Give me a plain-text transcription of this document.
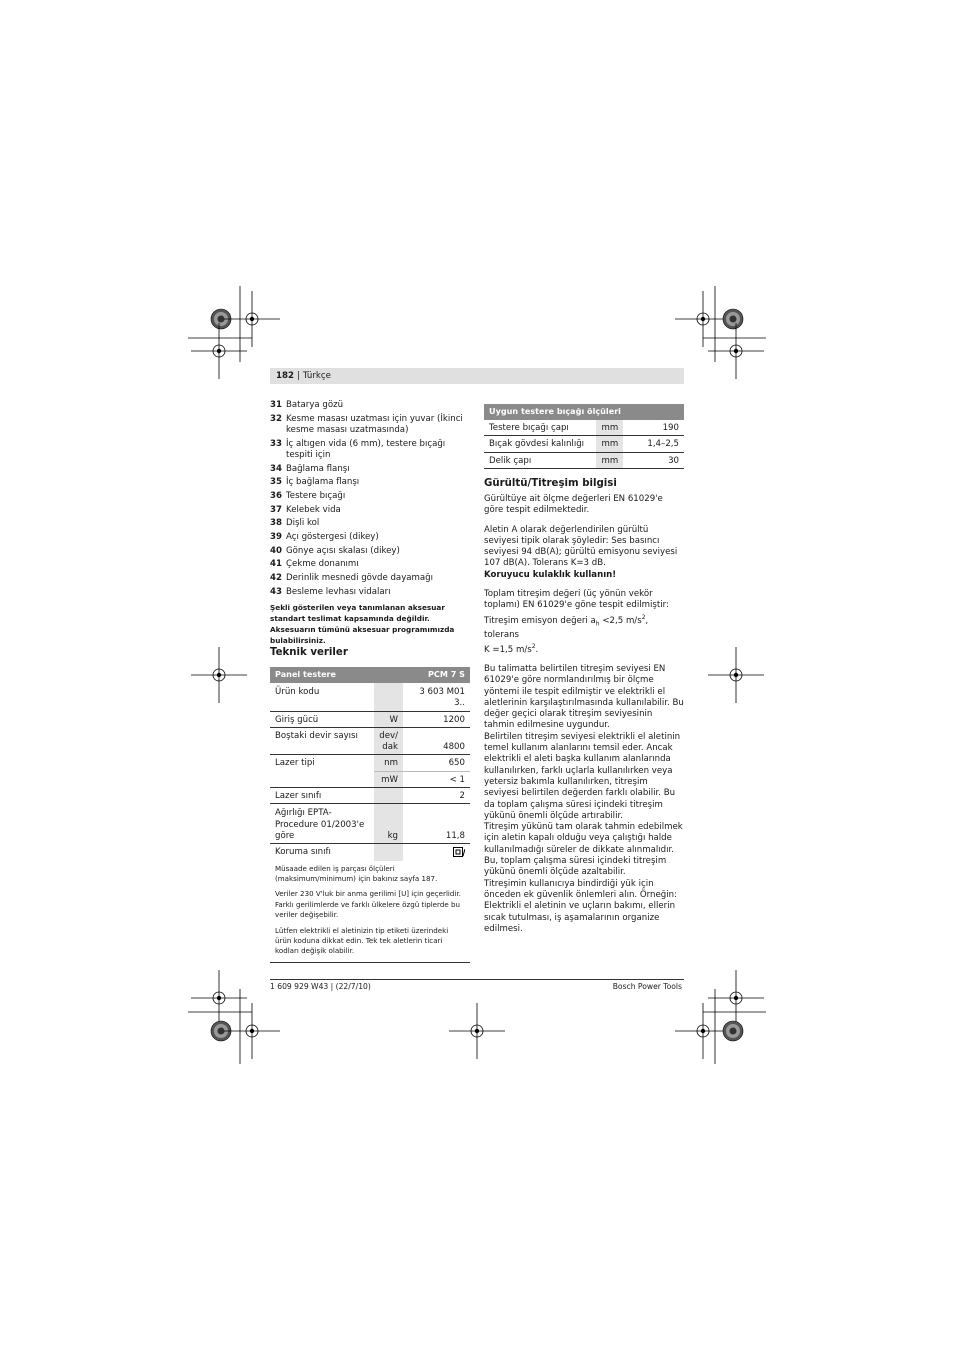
182 | Türkçe
31 Batarya gözü
32 Kesme masası uzatması için yuvar (İkinci kesme masası uzatmasında)
33 İç altıgen vida (6 mm), testere bıçağı tespiti için
34 Bağlama flanşı
35 İç bağlama flanşı
36 Testere bıçağı
37 Kelebek vida
38 Dişli kol
39 Açı göstergesi (dikey)
40 Gönye açısı skalası (dikey)
41 Çekme donanımı
42 Derinlik mesnedi gövde dayamağı
43 Besleme levhası vidaları
Şekli gösterilen veya tanımlanan aksesuar standart teslimat kapsamında değildir. Aksesuarın tümünü aksesuar programımızda bulabilirsiniz.
Teknik veriler
Panel testere		PCM 7 S
Ürün kodu		3 603 M01 3..
Giriş gücü	W	1200
Boştaki devir sayısı	dev/ dak	4800
Lazer tipi	nm	650
	mW	< 1
Lazer sınıfı		2
Ağırlığı EPTA-Procedure 01/2003'e göre	kg	11,8
Koruma sınıfı		

Müsaade edilen iş parçası ölçüleri (maksimum/minimum) için bakınız sayfa 187.

Veriler 230 V'luk bir anma gerilimi [U] için geçerlidir. Farklı gerilimlerde ve farklı ülkelere özgü tiplerde bu veriler değişebilir.

Lütfen elektrikli el aletinizin tip etiketi üzerindeki ürün koduna dikkat edin. Tek tek aletlerin ticari kodları değişik olabilir.

Uygun testere bıçağı ölçüleri		
Testere bıçağı çapı	mm	190
Bıçak gövdesi kalınlığı	mm	1,4–2,5
Delik çapı	mm	30
Gürültü/Titreşim bilgisi

Gürültüye ait ölçme değerleri EN 61029'e göre tespit edilmektedir.

Aletin A olarak değerlendirilen gürültü seviyesi tipik olarak şöyledir: Ses basıncı seviyesi 94 dB(A); gürültü emisyonu seviyesi 107 dB(A). Tolerans K=3 dB.

Koruyucu kulaklık kullanın!

Toplam titreşim değeri (üç yönün vekör toplamı) EN 61029'e göne tespit edilmiştir:

Titreşim emisyon değeri $a_h <2,5$ $m/s^2$, tolerans

K =1,5 $m/s^2$.

Bu talimatta belirtilen titreşim seviyesi EN 61029'e göre normlandırılmış bir ölçme yöntemi ile tespit edilmiştir ve elektrikli el aletlerinin karşılaştırılmasında kullanılabilir. Bu değer geçici olarak titreşim seviyesinin tahmin edilmesine uygundur.

Belirtilen titreşim seviyesi elektrikli el aletinin temel kullanım alanlarını temsil eder. Ancak elektrikli el aleti başka kullanım alanlarında kullanılırken, farklı uçlarla kullanılırken veya yetersiz bakımla kullanılırken, titreşim seviyesi belirtilen değerden farklı olabilir. Bu da toplam çalışma süresi içindeki titreşim yükünü önemli ölçüde artırabilir.

Titreşim yükünü tam olarak tahmin edebilmek için aletin kapalı olduğu veya çalıştığı halde kullanılmadığı süreler de dikkate alınmalıdır. Bu, toplam çalışma süresi içindeki titreşim yükünü önemli ölçüde azaltabilir.

Titreşimin kullanıcıya bindirdiği yük için önceden ek güvenlik önlemleri alın. Örneğin: Elektrikli el aletinin ve uçların bakımı, ellerin sıcak tutulması, iş aşamalarının organize edilmesi.

1 609 929 W43 | (22/7/10)	Bosch Power Tools
